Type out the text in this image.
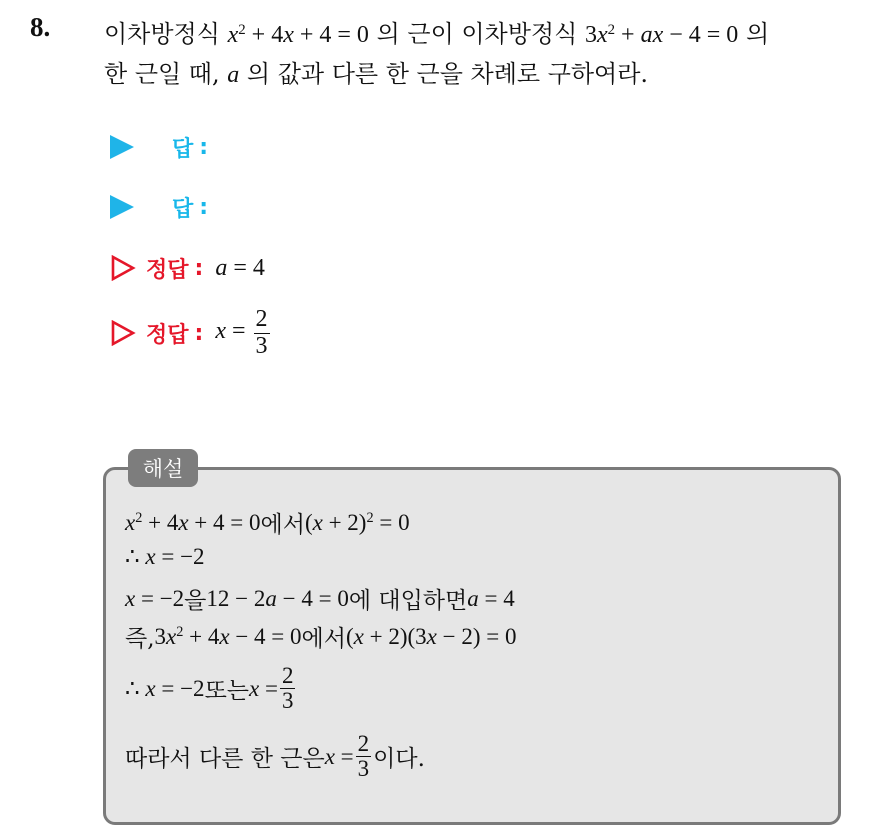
8. 이차방정식 $x^2 + 4x + 4 = 0$ 의 근이 이차방정식 $3x^2$ + ax − 4 = 0 의
한 근일 때, a 의 값과 다른 한 근을 차례로 구하여라.
답 :
답 :
정답 : a = 4
정답 : $x = \frac{2}{3}$
해설
$x^2 + 4x + 4 = 0$ 에서 $(x + 2)^2 = 0$
∴ x = −2
x = −2 을 12 − 2a − 4 = 0 에 대입하면 a = 4
즉, $3x^2 + 4x - 4 = 0$ 에서 (x + 2)(3x − 2) = 0
∴ x = −2 또는 $x = \frac{2}{3}$
따라서 다른 한 근은 $x = \frac{2}{3}$ 이다.
